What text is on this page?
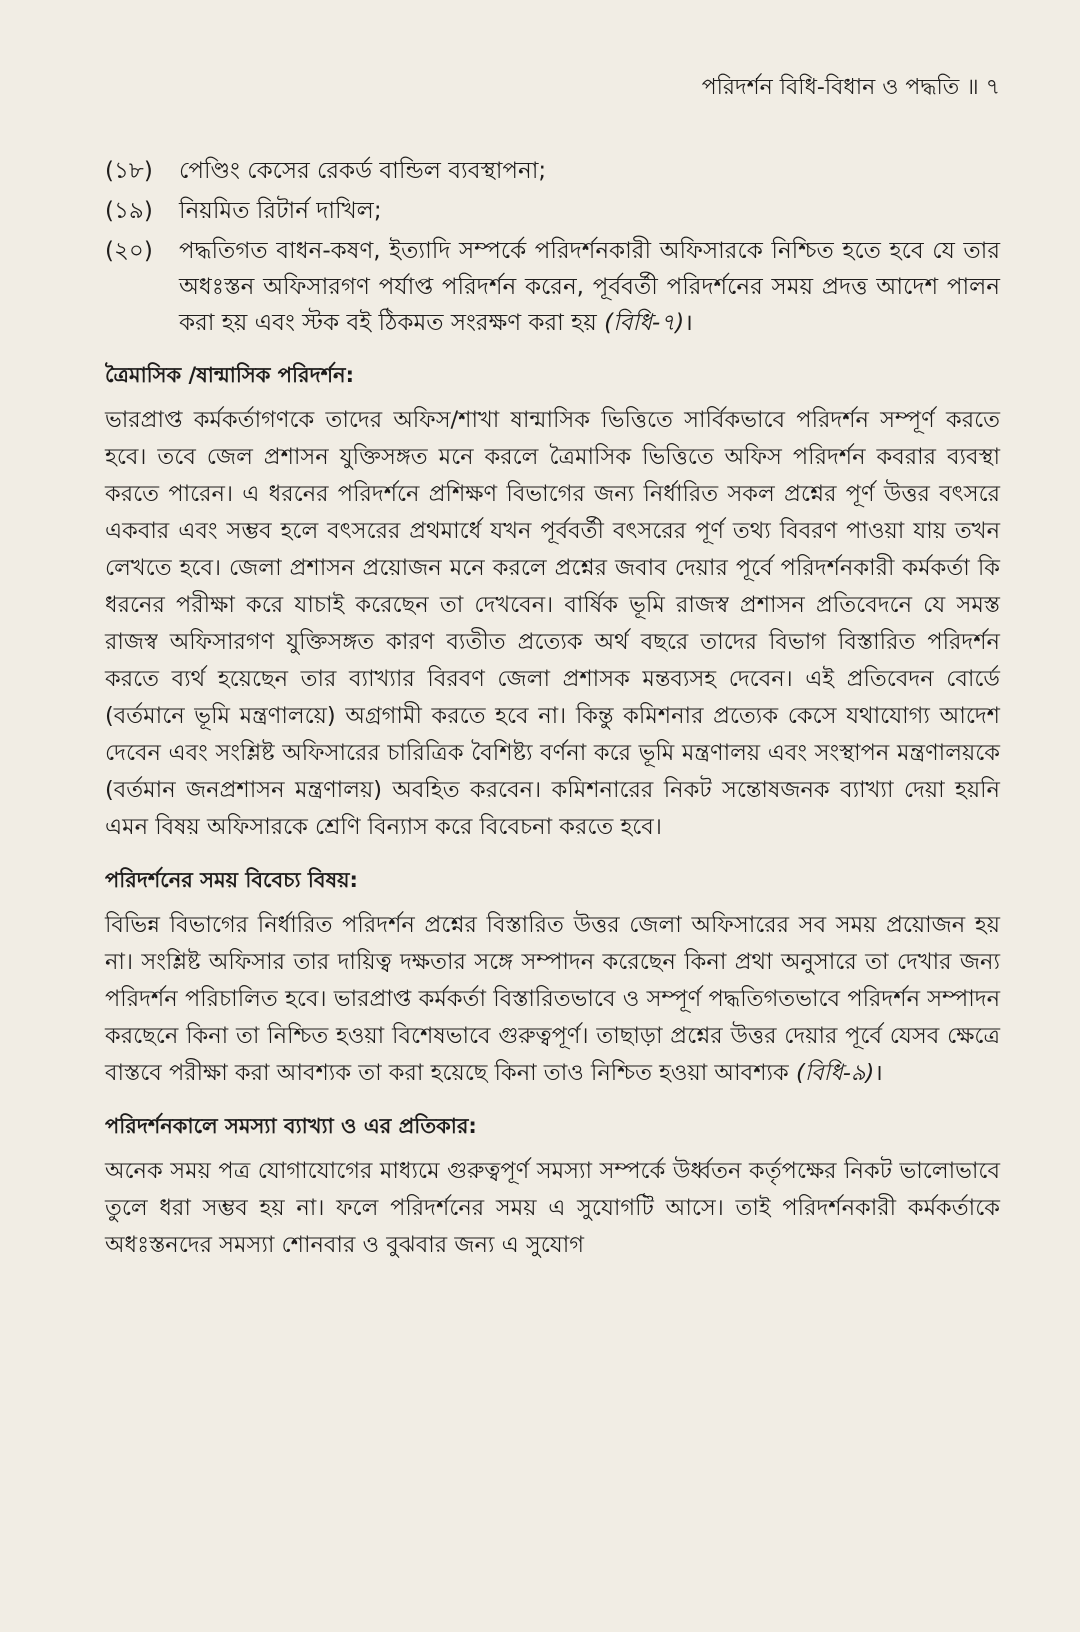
পরিদর্শন বিধি-বিধান ও পদ্ধতি ॥ ৭
(১৮)	পেণ্ডিং কেসের রেকর্ড বান্ডিল ব্যবস্থাপনা;
(১৯)	নিয়মিত রিটার্ন দাখিল;
(২০)	পদ্ধতিগত বাধন-কষণ, ইত্যাদি সম্পর্কে পরিদর্শনকারী অফিসারকে নিশ্চিত হতে হবে যে তার অধঃস্তন অফিসারগণ পর্যাপ্ত পরিদর্শন করেন, পূর্ববর্তী পরিদর্শনের সময় প্রদত্ত আদেশ পালন করা হয় এবং স্টক বই ঠিকমত সংরক্ষণ করা হয় (বিধি-৭)।
ত্রৈমাসিক /ষান্মাসিক পরিদর্শন:

ভারপ্রাপ্ত কর্মকর্তাগণকে তাদের অফিস/শাখা ষান্মাসিক ভিত্তিতে সার্বিকভাবে পরিদর্শন সম্পূর্ণ করতে হবে। তবে জেল প্রশাসন যুক্তিসঙ্গত মনে করলে ত্রৈমাসিক ভিত্তিতে অফিস পরিদর্শন কবরার ব্যবস্থা করতে পারেন। এ ধরনের পরিদর্শনে প্রশিক্ষণ বিভাগের জন্য নির্ধারিত সকল প্রশ্নের পূর্ণ উত্তর বৎসরে একবার এবং সম্ভব হলে বৎসরের প্রথমার্ধে যখন পূর্ববর্তী বৎসরের পূর্ণ তথ্য বিবরণ পাওয়া যায় তখন লেখতে হবে। জেলা প্রশাসন প্রয়োজন মনে করলে প্রশ্নের জবাব দেয়ার পূর্বে পরিদর্শনকারী কর্মকর্তা কি ধরনের পরীক্ষা করে যাচাই করেছেন তা দেখবেন। বার্ষিক ভূমি রাজস্ব প্রশাসন প্রতিবেদনে যে সমস্ত রাজস্ব অফিসারগণ যুক্তিসঙ্গত কারণ ব্যতীত প্রত্যেক অর্থ বছরে তাদের বিভাগ বিস্তারিত পরিদর্শন করতে ব্যর্থ হয়েছেন তার ব্যাখ্যার বিরবণ জেলা প্রশাসক মন্তব্যসহ দেবেন। এই প্রতিবেদন বোর্ডে (বর্তমানে ভূমি মন্ত্রণালয়ে) অগ্রগামী করতে হবে না। কিন্তু কমিশনার প্রত্যেক কেসে যথাযোগ্য আদেশ দেবেন এবং সংশ্লিষ্ট অফিসারের চারিত্রিক বৈশিষ্ট্য বর্ণনা করে ভূমি মন্ত্রণালয় এবং সংস্থাপন মন্ত্রণালয়কে (বর্তমান জনপ্রশাসন মন্ত্রণালয়) অবহিত করবেন। কমিশনারের নিকট সন্তোষজনক ব্যাখ্যা দেয়া হয়নি এমন বিষয় অফিসারকে শ্রেণি বিন্যাস করে বিবেচনা করতে হবে।

পরিদর্শনের সময় বিবেচ্য বিষয়:

বিভিন্ন বিভাগের নির্ধারিত পরিদর্শন প্রশ্নের বিস্তারিত উত্তর জেলা অফিসারের সব সময় প্রয়োজন হয় না। সংশ্লিষ্ট অফিসার তার দায়িত্ব দক্ষতার সঙ্গে সম্পাদন করেছেন কিনা প্রথা অনুসারে তা দেখার জন্য পরিদর্শন পরিচালিত হবে। ভারপ্রাপ্ত কর্মকর্তা বিস্তারিতভাবে ও সম্পূর্ণ পদ্ধতিগতভাবে পরিদর্শন সম্পাদন করছেনে কিনা তা নিশ্চিত হওয়া বিশেষভাবে গুরুত্বপূর্ণ। তাছাড়া প্রশ্নের উত্তর দেয়ার পূর্বে যেসব ক্ষেত্রে বাস্তবে পরীক্ষা করা আবশ্যক তা করা হয়েছে কিনা তাও নিশ্চিত হওয়া আবশ্যক (বিধি-৯)।

পরিদর্শনকালে সমস্যা ব্যাখ্যা ও এর প্রতিকার:

অনেক সময় পত্র যোগাযোগের মাধ্যমে গুরুত্বপূর্ণ সমস্যা সম্পর্কে উর্ধ্বতন কর্তৃপক্ষের নিকট ভালোভাবে তুলে ধরা সম্ভব হয় না। ফলে পরিদর্শনের সময় এ সুযোগটি আসে। তাই পরিদর্শনকারী কর্মকর্তাকে অধঃস্তনদের সমস্যা শোনবার ও বুঝবার জন্য এ সুযোগ
